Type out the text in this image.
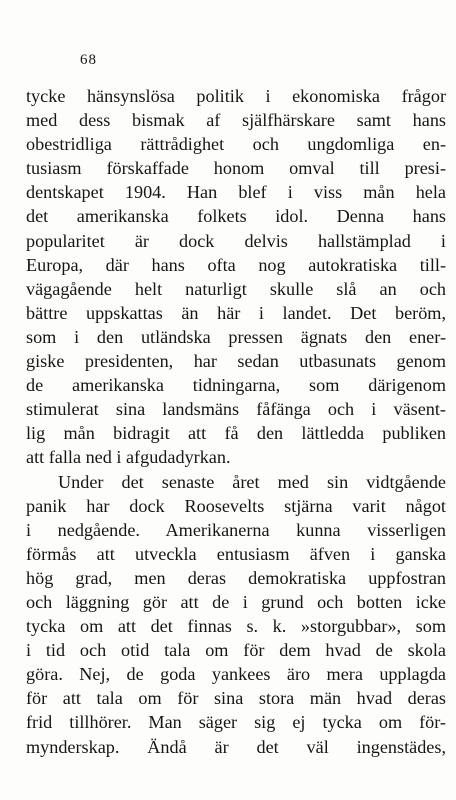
68
tycke hänsynslösa politik i ekonomiska frågor
med dess bismak af själfhärskare samt hans
obestridliga rättrådighet och ungdomliga en-
tusiasm förskaffade honom omval till presi-
dentskapet 1904. Han blef i viss mån hela
det amerikanska folkets idol. Denna hans
popularitet är dock delvis hallstämplad i
Europa, där hans ofta nog autokratiska till-
vägagående helt naturligt skulle slå an och
bättre uppskattas än här i landet. Det beröm,
som i den utländska pressen ägnats den ener-
giske presidenten, har sedan utbasunats genom
de amerikanska tidningarna, som därigenom
stimulerat sina landsmäns fåfänga och i väsent-
lig mån bidragit att få den lättledda publiken
att falla ned i afgudadyrkan.
Under det senaste året med sin vidtgående
panik har dock Roosevelts stjärna varit något
i nedgående. Amerikanerna kunna visserligen
förmås att utveckla entusiasm äfven i ganska
hög grad, men deras demokratiska uppfostran
och läggning gör att de i grund och botten icke
tycka om att det finnas s. k. »storgubbar», som
i tid och otid tala om för dem hvad de skola
göra. Nej, de goda yankees äro mera upplagda
för att tala om för sina stora män hvad deras
frid tillhörer. Man säger sig ej tycka om för-
mynderskap. Ändå är det väl ingenstädes,
